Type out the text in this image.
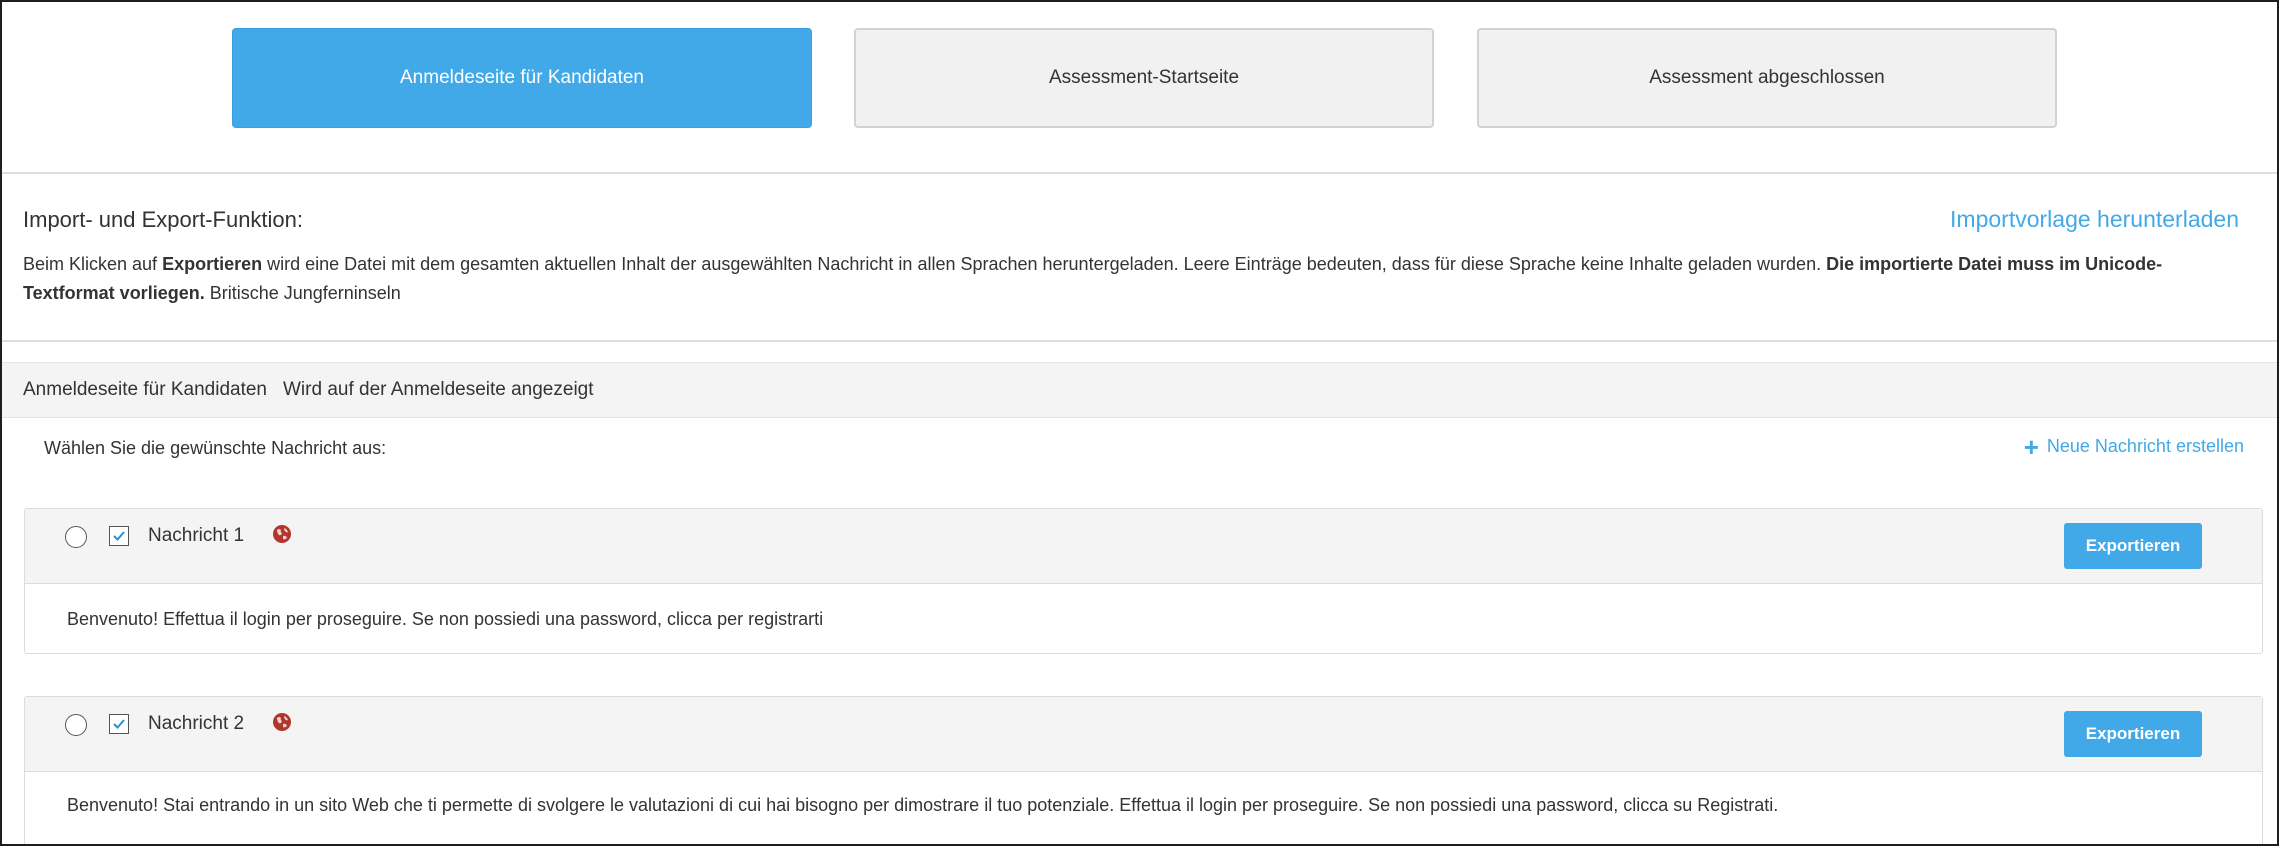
Anmeldeseite für Kandidaten	Assessment-Startseite	Assessment abgeschlossen
Import- und Export-Funktion:	Importvorlage herunterladen
Beim Klicken auf Exportieren wird eine Datei mit dem gesamten aktuellen Inhalt der ausgewählten Nachricht in allen Sprachen heruntergeladen. Leere Einträge bedeuten, dass für diese Sprache keine Inhalte geladen wurden. Die importierte Datei muss im Unicode-Textformat vorliegen. Britische Jungferninseln
Anmeldeseite für Kandidaten Wird auf der Anmeldeseite angezeigt
Wählen Sie die gewünschte Nachricht aus:	+ Neue Nachricht erstellen
Nachricht 1	Exportieren
Benvenuto! Effettua il login per proseguire. Se non possiedi una password, clicca per registrarti
Nachricht 2	Exportieren
Benvenuto! Stai entrando in un sito Web che ti permette di svolgere le valutazioni di cui hai bisogno per dimostrare il tuo potenziale. Effettua il login per proseguire. Se non possiedi una password, clicca su Registrati.
